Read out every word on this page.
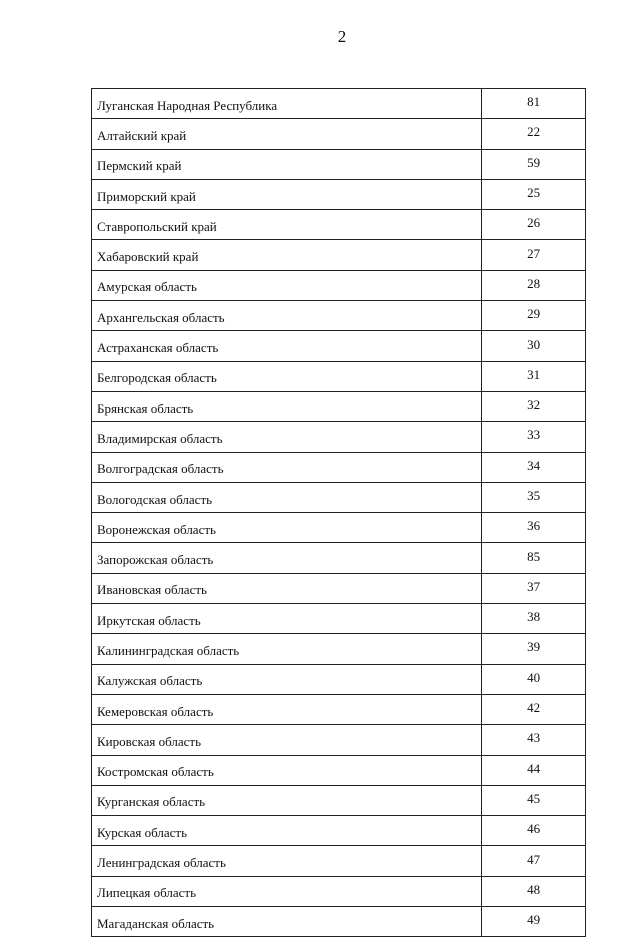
2
Луганская Народная Республика	81
Алтайский край	22
Пермский край	59
Приморский край	25
Ставропольский край	26
Хабаровский край	27
Амурская область	28
Архангельская область	29
Астраханская область	30
Белгородская область	31
Брянская область	32
Владимирская область	33
Волгоградская область	34
Вологодская область	35
Воронежская область	36
Запорожская область	85
Ивановская область	37
Иркутская область	38
Калининградская область	39
Калужская область	40
Кемеровская область	42
Кировская область	43
Костромская область	44
Курганская область	45
Курская область	46
Ленинградская область	47
Липецкая область	48
Магаданская область	49
